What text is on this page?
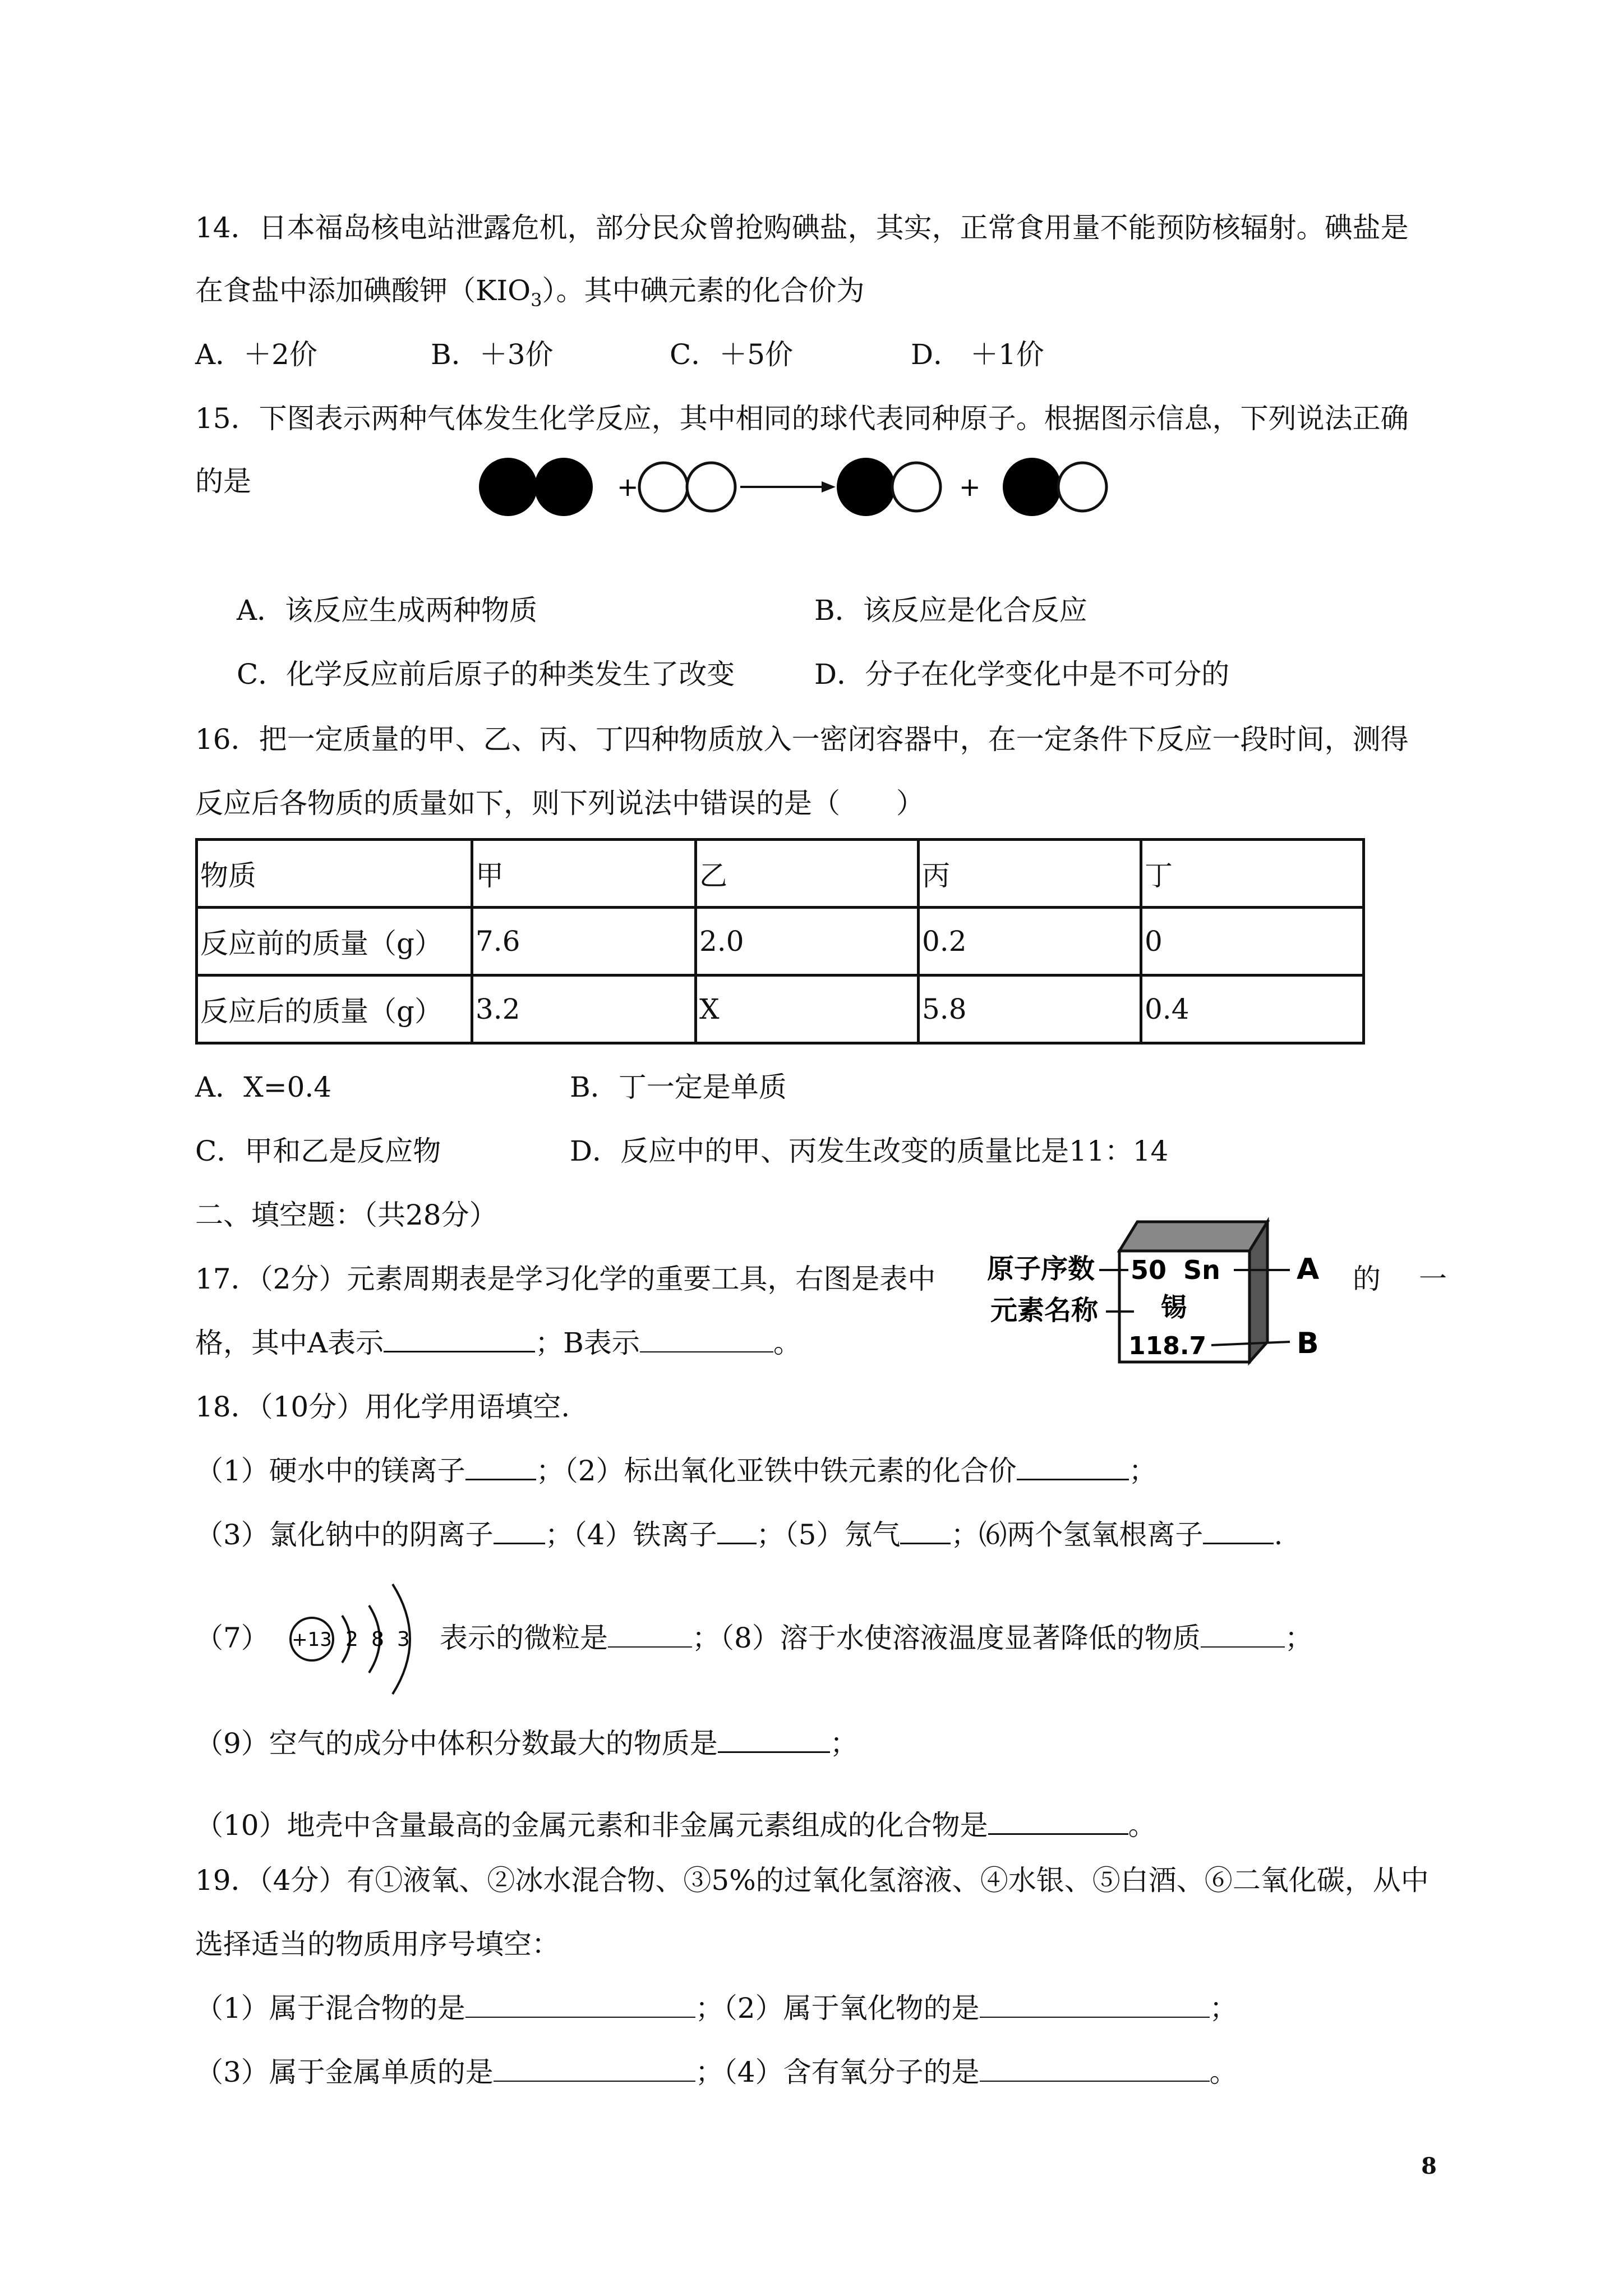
14．日本福岛核电站泄露危机，部分民众曾抢购碘盐，其实，正常食用量不能预防核辐射。碘盐是
在食盐中添加碘酸钾$(KIO_3)$。其中碘元素的化合价为
A．＋2价	B．＋3价	C．＋5价	D． ＋1价
15．下图表示两种气体发生化学反应，其中相同的球代表同种原子。根据图示信息，下列说法正确
的是	+	+
A．该反应生成两种物质	B．该反应是化合反应
C．化学反应前后原子的种类发生了改变	D．分子在化学变化中是不可分的
16．把一定质量的甲、乙、丙、丁四种物质放入一密闭容器中，在一定条件下反应一段时间，测得
反应后各物质的质量如下，则下列说法中错误的是（　　）
物质	甲	乙	丙	丁
反应前的质量（g）	7.6	2.0	0.2	0
反应后的质量（g）	3.2	X	5.8	0.4
A．X=0.4	B．丁一定是单质
C．甲和乙是反应物	D．反应中的甲、丙发生改变的质量比是11：14
二、填空题：（共28分）
17．（2分）元素周期表是学习化学的重要工具，右图是表中	的 一
格，其中A表示	；B表示	。
原子序数
元素名称
50 Sn
锡
118.7
A
B
18．（10分）用化学用语填空.
（1）硬水中的镁离子	；（2）标出氧化亚铁中铁元素的化合价	；
（3）氯化钠中的阴离子 ；（4）铁离子 ；（5）氖气 ；⑹两个氢氧根离子	.
（7） +13 2 8 3 表示的微粒是	；（8）溶于水使溶液温度显著降低的物质	；
（9）空气的成分中体积分数最大的物质是	；
（10）地壳中含量最高的金属元素和非金属元素组成的化合物是	。
19．（4分）有①液氧、②冰水混合物、③5%的过氧化氢溶液、④水银、⑤白酒、⑥二氧化碳，从中
选择适当的物质用序号填空：
（1）属于混合物的是	；（2）属于氧化物的是	；
（3）属于金属单质的是	；（4）含有氧分子的是	。
8
